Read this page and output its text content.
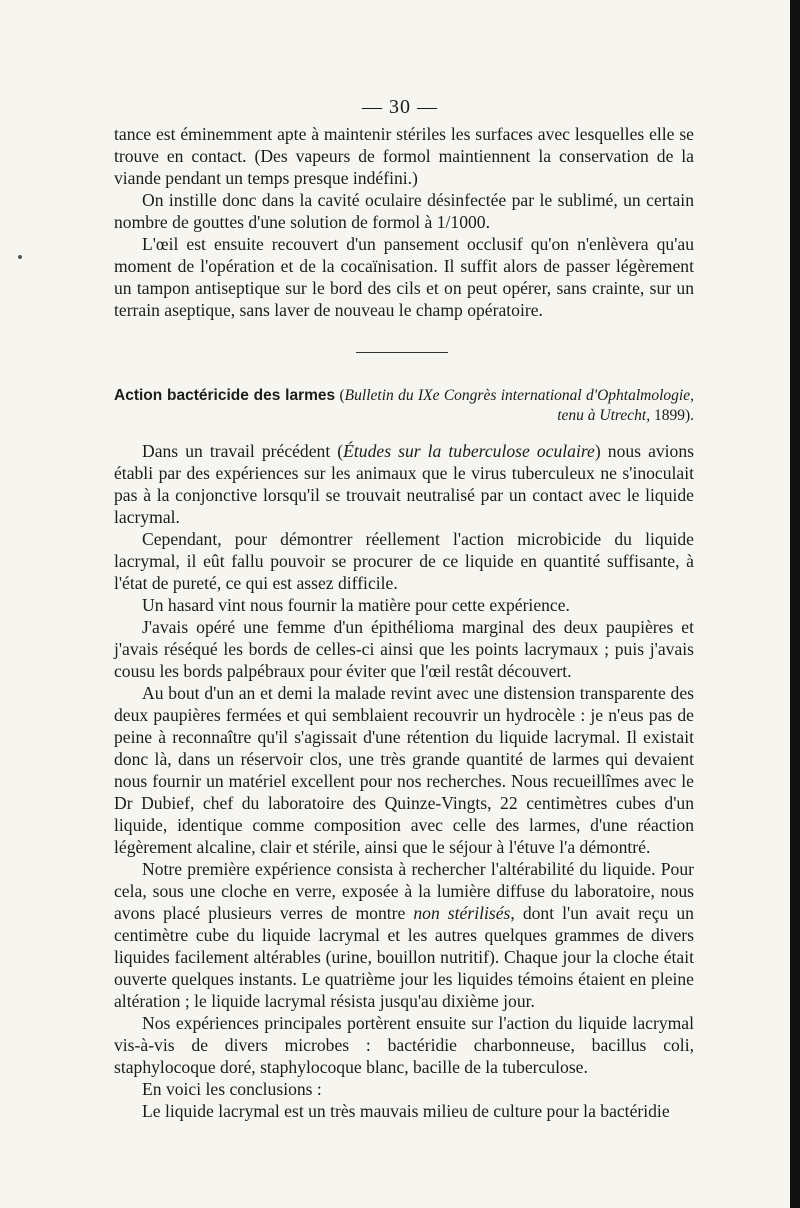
— 30 —

tance est éminemment apte à maintenir stériles les surfaces avec lesquelles elle se trouve en contact. (Des vapeurs de formol maintiennent la conservation de la viande pendant un temps presque indéfini.)

On instille donc dans la cavité oculaire désinfectée par le sublimé, un certain nombre de gouttes d'une solution de formol à 1/1000.

L'œil est ensuite recouvert d'un pansement occlusif qu'on n'enlèvera qu'au moment de l'opération et de la cocaïnisation. Il suffit alors de passer légèrement un tampon antiseptique sur le bord des cils et on peut opérer, sans crainte, sur un terrain aseptique, sans laver de nouveau le champ opératoire.

Action bactéricide des larmes (Bulletin du IXe Congrès international d'Ophtalmologie, tenu à Utrecht, 1899).

Dans un travail précédent (Études sur la tuberculose oculaire) nous avions établi par des expériences sur les animaux que le virus tuberculeux ne s'inoculait pas à la conjonctive lorsqu'il se trouvait neutralisé par un contact avec le liquide lacrymal.

Cependant, pour démontrer réellement l'action microbicide du liquide lacrymal, il eût fallu pouvoir se procurer de ce liquide en quantité suffisante, à l'état de pureté, ce qui est assez difficile.

Un hasard vint nous fournir la matière pour cette expérience.

J'avais opéré une femme d'un épithélioma marginal des deux paupières et j'avais réséqué les bords de celles-ci ainsi que les points lacrymaux ; puis j'avais cousu les bords palpébraux pour éviter que l'œil restât découvert.

Au bout d'un an et demi la malade revint avec une distension transparente des deux paupières fermées et qui semblaient recouvrir un hydrocèle : je n'eus pas de peine à reconnaître qu'il s'agissait d'une rétention du liquide lacrymal. Il existait donc là, dans un réservoir clos, une très grande quantité de larmes qui devaient nous fournir un matériel excellent pour nos recherches. Nous recueillîmes avec le Dr Dubief, chef du laboratoire des Quinze-Vingts, 22 centimètres cubes d'un liquide, identique comme composition avec celle des larmes, d'une réaction légèrement alcaline, clair et stérile, ainsi que le séjour à l'étuve l'a démontré.

Notre première expérience consista à rechercher l'altérabilité du liquide. Pour cela, sous une cloche en verre, exposée à la lumière diffuse du laboratoire, nous avons placé plusieurs verres de montre non stérilisés, dont l'un avait reçu un centimètre cube du liquide lacrymal et les autres quelques grammes de divers liquides facilement altérables (urine, bouillon nutritif). Chaque jour la cloche était ouverte quelques instants. Le quatrième jour les liquides témoins étaient en pleine altération ; le liquide lacrymal résista jusqu'au dixième jour.

Nos expériences principales portèrent ensuite sur l'action du liquide lacrymal vis-à-vis de divers microbes : bactéridie charbonneuse, bacillus coli, staphylocoque doré, staphylocoque blanc, bacille de la tuberculose.

En voici les conclusions :

Le liquide lacrymal est un très mauvais milieu de culture pour la bactéridie
